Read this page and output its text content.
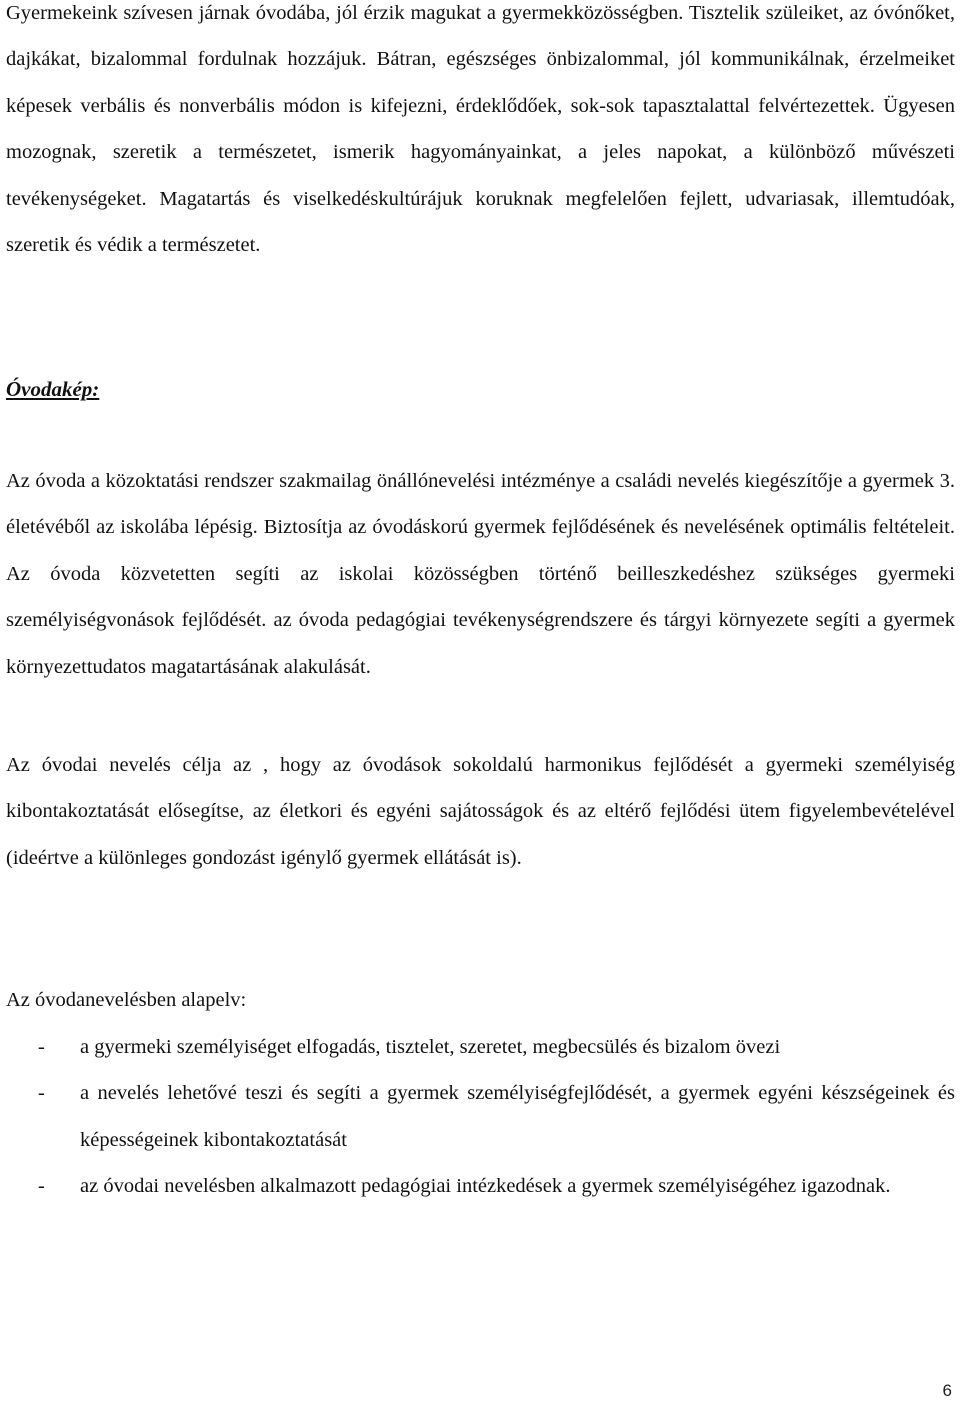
Gyermekeink szívesen járnak óvodába, jól érzik magukat a gyermekközösségben. Tisztelik szüleiket, az óvónőket, dajkákat, bizalommal fordulnak hozzájuk. Bátran, egészséges önbizalommal, jól kommunikálnak, érzelmeiket képesek verbális és nonverbális módon is kifejezni, érdeklődőek, sok-sok tapasztalattal felvértezettek. Ügyesen mozognak, szeretik a természetet, ismerik hagyományainkat, a jeles napokat, a különböző művészeti tevékenységeket. Magatartás és viselkedéskultúrájuk koruknak megfelelően fejlett, udvariasak, illemtudóak, szeretik és védik a természetet.

Óvodakép:

Az óvoda a közoktatási rendszer szakmailag önállónevelési intézménye a családi nevelés kiegészítője a gyermek 3. életévéből az iskolába lépésig. Biztosítja az óvodáskorú gyermek fejlődésének és nevelésének optimális feltételeit. Az óvoda közvetetten segíti az iskolai közösségben történő beilleszkedéshez szükséges gyermeki személyiségvonások fejlődését. az óvoda pedagógiai tevékenységrendszere és tárgyi környezete segíti a gyermek környezettudatos magatartásának alakulását.

Az óvodai nevelés célja az , hogy az óvodások sokoldalú harmonikus fejlődését a gyermeki személyiség kibontakoztatását elősegítse, az életkori és egyéni sajátosságok és az eltérő fejlődési ütem figyelembevételével (ideértve a különleges gondozást igénylő gyermek ellátását is).

Az óvodanevelésben alapelv:

- a gyermeki személyiséget elfogadás, tisztelet, szeretet, megbecsülés és bizalom övezi
- a nevelés lehetővé teszi és segíti a gyermek személyiségfejlődését, a gyermek egyéni készségeinek és képességeinek kibontakoztatását
- az óvodai nevelésben alkalmazott pedagógiai intézkedések a gyermek személyiségéhez igazodnak.
6
